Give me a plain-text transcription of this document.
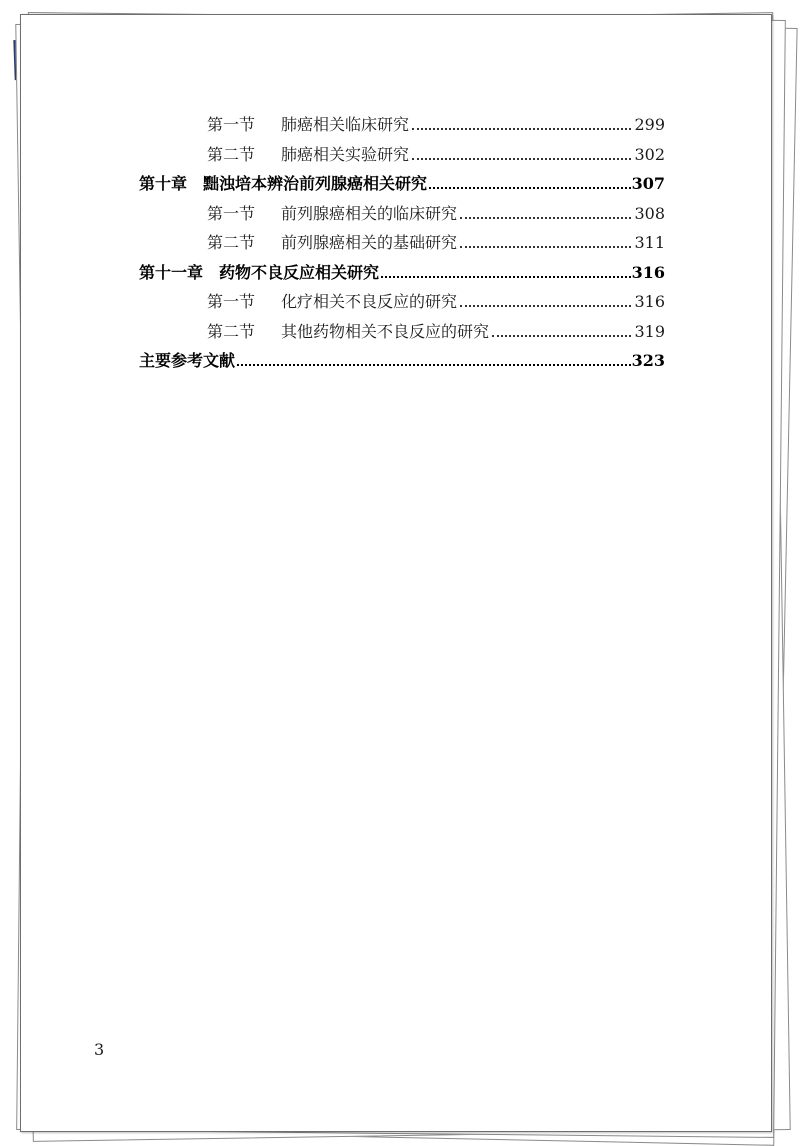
第一节 肺癌相关临床研究	299
第二节 肺癌相关实验研究	302
第十章 黜浊培本辨治前列腺癌相关研究	307
第一节 前列腺癌相关的临床研究	308
第二节 前列腺癌相关的基础研究	311
第十一章 药物不良反应相关研究	316
第一节 化疗相关不良反应的研究	316
第二节 其他药物相关不良反应的研究	319
主要参考文献	323
3
